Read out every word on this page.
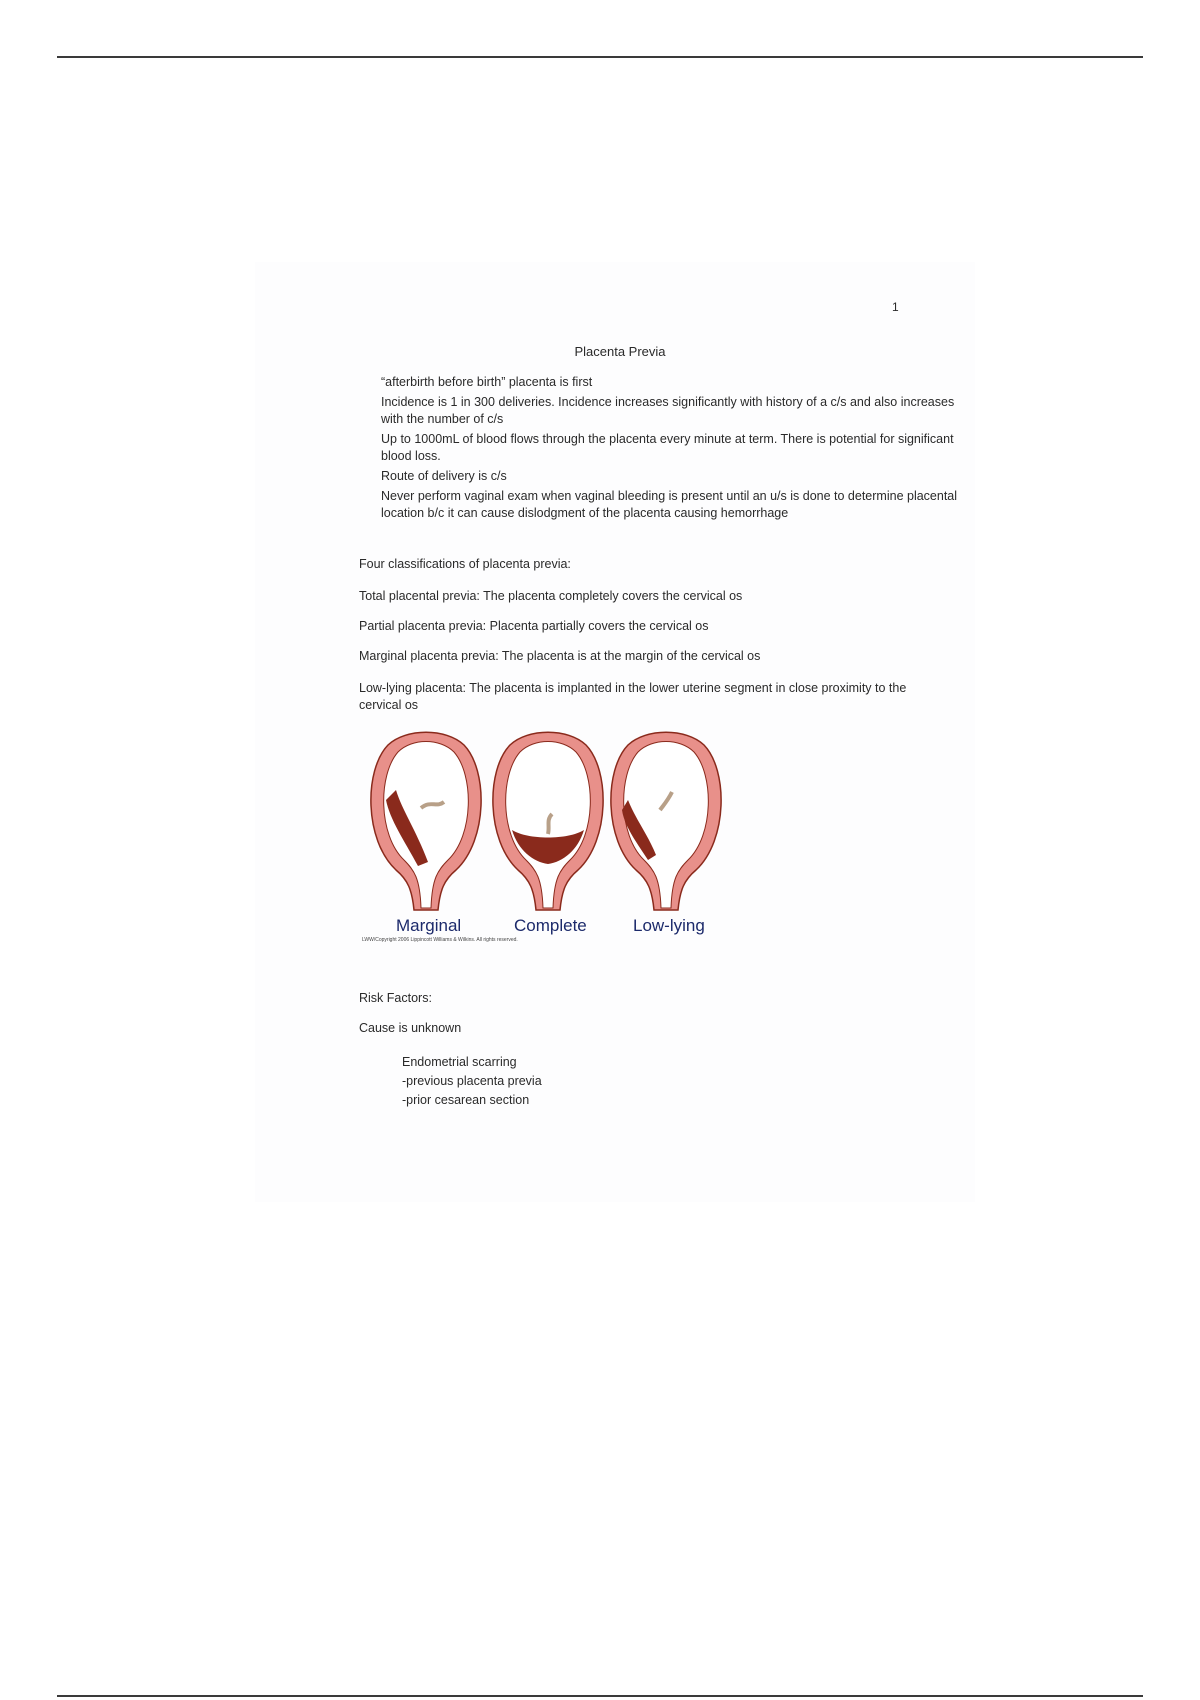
1
Placenta Previa
“afterbirth before birth” placenta is first
Incidence is 1 in 300 deliveries. Incidence increases significantly with history of a c/s and also increases with the number of c/s
Up to 1000mL of blood flows through the placenta every minute at term. There is potential for significant blood loss.
Route of delivery is c/s
Never perform vaginal exam when vaginal bleeding is present until an u/s is done to determine placental location b/c it can cause dislodgment of the placenta causing hemorrhage

Four classifications of placenta previa:

Total placental previa: The placenta completely covers the cervical os

Partial placenta previa: Placenta partially covers the cervical os

Marginal placenta previa: The placenta is at the margin of the cervical os

Low-lying placenta: The placenta is implanted in the lower uterine segment in close proximity to the cervical os

Marginal	Complete	Low-lying
LWW/Copyright 2006 Lippincott Williams & Wilkins. All rights reserved.

Risk Factors:

Cause is unknown

Endometrial scarring
-previous placenta previa
-prior cesarean section
